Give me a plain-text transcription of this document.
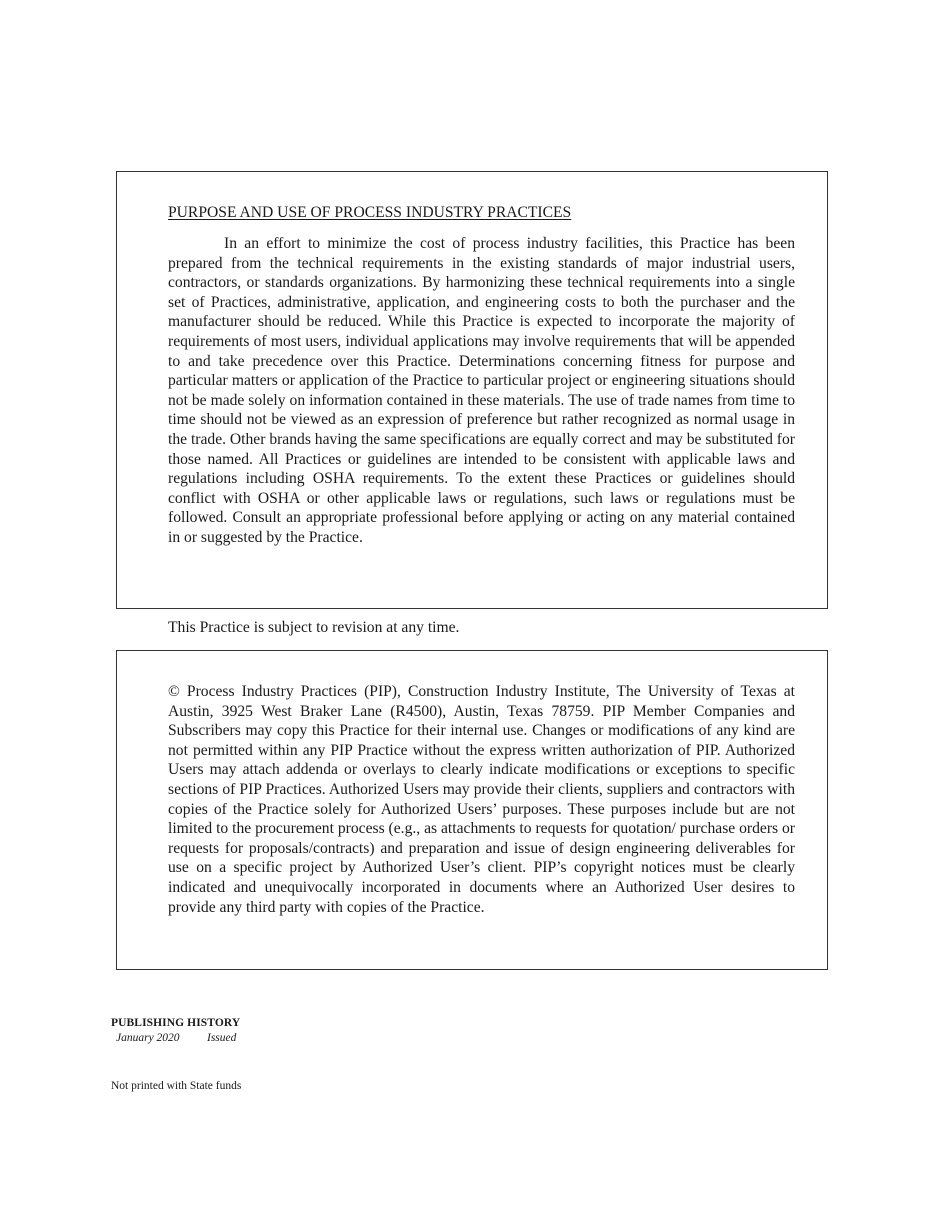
PURPOSE AND USE OF PROCESS INDUSTRY PRACTICES

In an effort to minimize the cost of process industry facilities, this Practice has been prepared from the technical requirements in the existing standards of major industrial users, contractors, or standards organizations. By harmonizing these technical requirements into a single set of Practices, administrative, application, and engineering costs to both the purchaser and the manufacturer should be reduced. While this Practice is expected to incorporate the majority of requirements of most users, individual applications may involve requirements that will be appended to and take precedence over this Practice. Determinations concerning fitness for purpose and particular matters or application of the Practice to particular project or engineering situations should not be made solely on information contained in these materials. The use of trade names from time to time should not be viewed as an expression of preference but rather recognized as normal usage in the trade. Other brands having the same specifications are equally correct and may be substituted for those named. All Practices or guidelines are intended to be consistent with applicable laws and regulations including OSHA requirements. To the extent these Practices or guidelines should conflict with OSHA or other applicable laws or regulations, such laws or regulations must be followed. Consult an appropriate professional before applying or acting on any material contained in or suggested by the Practice.

This Practice is subject to revision at any time.

© Process Industry Practices (PIP), Construction Industry Institute, The University of Texas at Austin, 3925 West Braker Lane (R4500), Austin, Texas 78759. PIP Member Companies and Subscribers may copy this Practice for their internal use. Changes or modifications of any kind are not permitted within any PIP Practice without the express written authorization of PIP. Authorized Users may attach addenda or overlays to clearly indicate modifications or exceptions to specific sections of PIP Practices. Authorized Users may provide their clients, suppliers and contractors with copies of the Practice solely for Authorized Users’ purposes. These purposes include but are not limited to the procurement process (e.g., as attachments to requests for quotation/ purchase orders or requests for proposals/contracts) and preparation and issue of design engineering deliverables for use on a specific project by Authorized User’s client. PIP’s copyright notices must be clearly indicated and unequivocally incorporated in documents where an Authorized User desires to provide any third party with copies of the Practice.

PUBLISHING HISTORY
January 2020 Issued
Not printed with State funds
